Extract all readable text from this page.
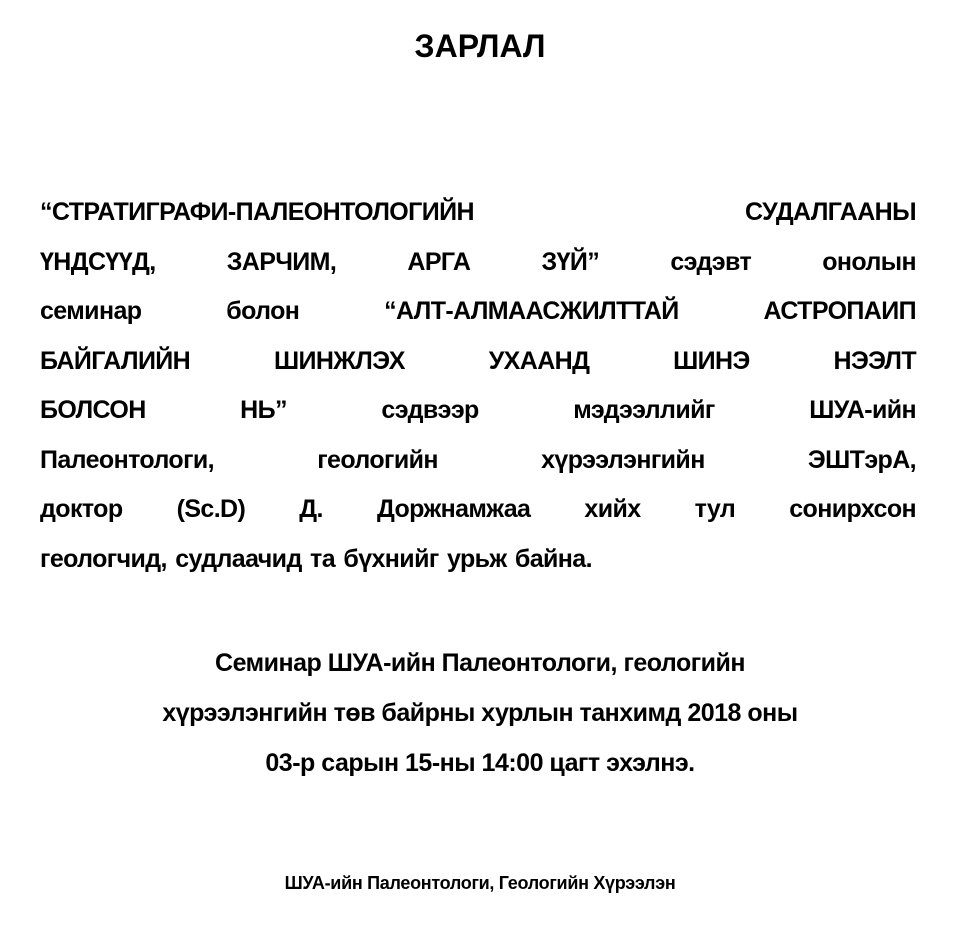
ЗАРЛАЛ
“СТРАТИГРАФИ-ПАЛЕОНТОЛОГИЙН СУДАЛГААНЫ
ҮНДСҮҮД, ЗАРЧИМ, АРГА ЗҮЙ” сэдэвт онолын
семинар болон “АЛТ-АЛМААСЖИЛТТАЙ АСТРОПАИП
БАЙГАЛИЙН ШИНЖЛЭХ УХААНД ШИНЭ НЭЭЛТ
БОЛСОН НЬ” сэдвээр мэдээллийг ШУА-ийн
Палеонтологи, геологийн хүрээлэнгийн ЭШТэрА,
доктор (Sc.D) Д. Доржнамжаа хийх тул сонирхсон
геологчид, судлаачид та бүхнийг урьж байна.
Семинар ШУА-ийн Палеонтологи, геологийн
хүрээлэнгийн төв байрны хурлын танхимд 2018 оны
03-р сарын 15-ны 14:00 цагт эхэлнэ.
ШУА-ийн Палеонтологи, Геологийн Хүрээлэн
